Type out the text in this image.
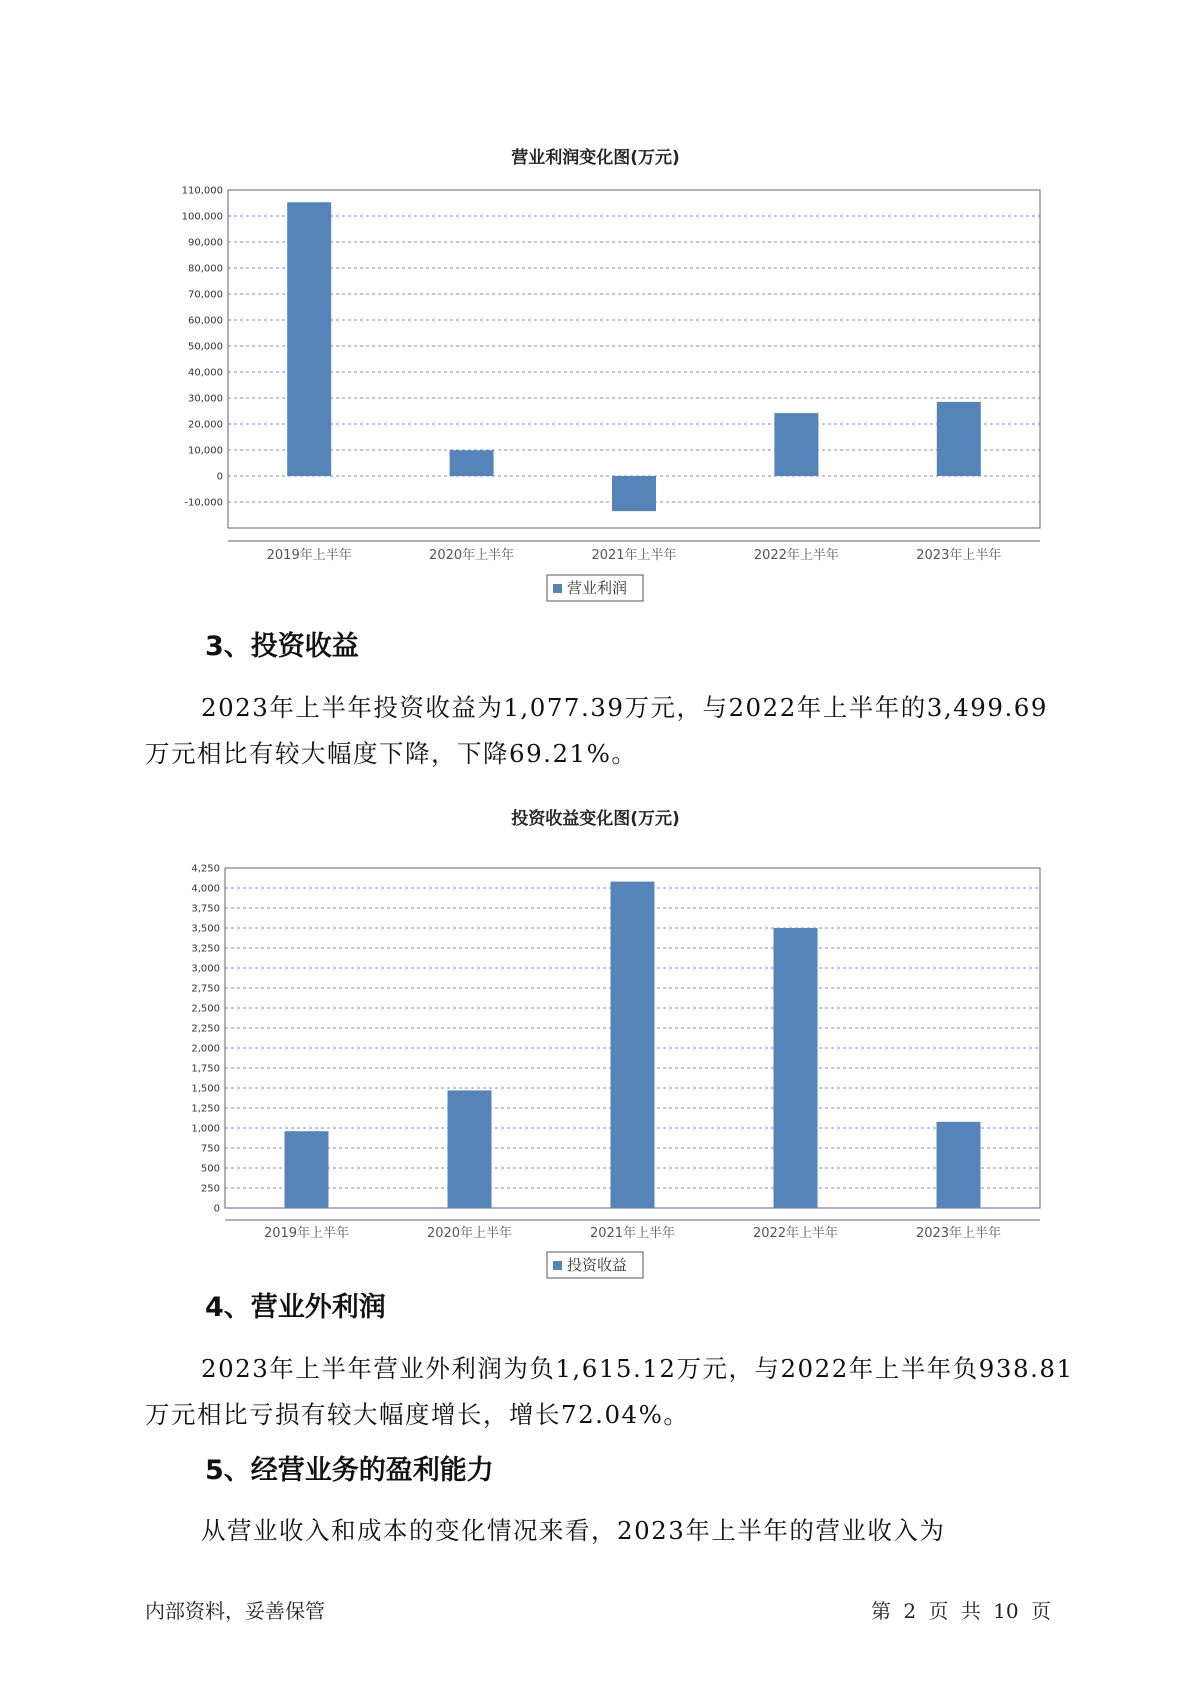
营业利润变化图(万元)
-10,000
0
10,000
20,000
30,000
40,000
50,000
60,000
70,000
80,000
90,000
100,000
110,000
2019年上半年	2020年上半年	2021年上半年	2022年上半年	2023年上半年
营业利润
3、投资收益

2023年上半年投资收益为1,077.39万元，与2022年上半年的3,499.69

万元相比有较大幅度下降，下降69.21%。

投资收益变化图(万元)
0
250
500
750
1,000
1,250
1,500
1,750
2,000
2,250
2,500
2,750
3,000
3,250
3,500
3,750
4,000
4,250
2019年上半年	2020年上半年	2021年上半年	2022年上半年	2023年上半年
投资收益
4、营业外利润

2023年上半年营业外利润为负1,615.12万元，与2022年上半年负938.81

万元相比亏损有较大幅度增长，增长72.04%。

5、经营业务的盈利能力

从营业收入和成本的变化情况来看，2023年上半年的营业收入为

内部资料，妥善保管	第 2 页 共 10 页
